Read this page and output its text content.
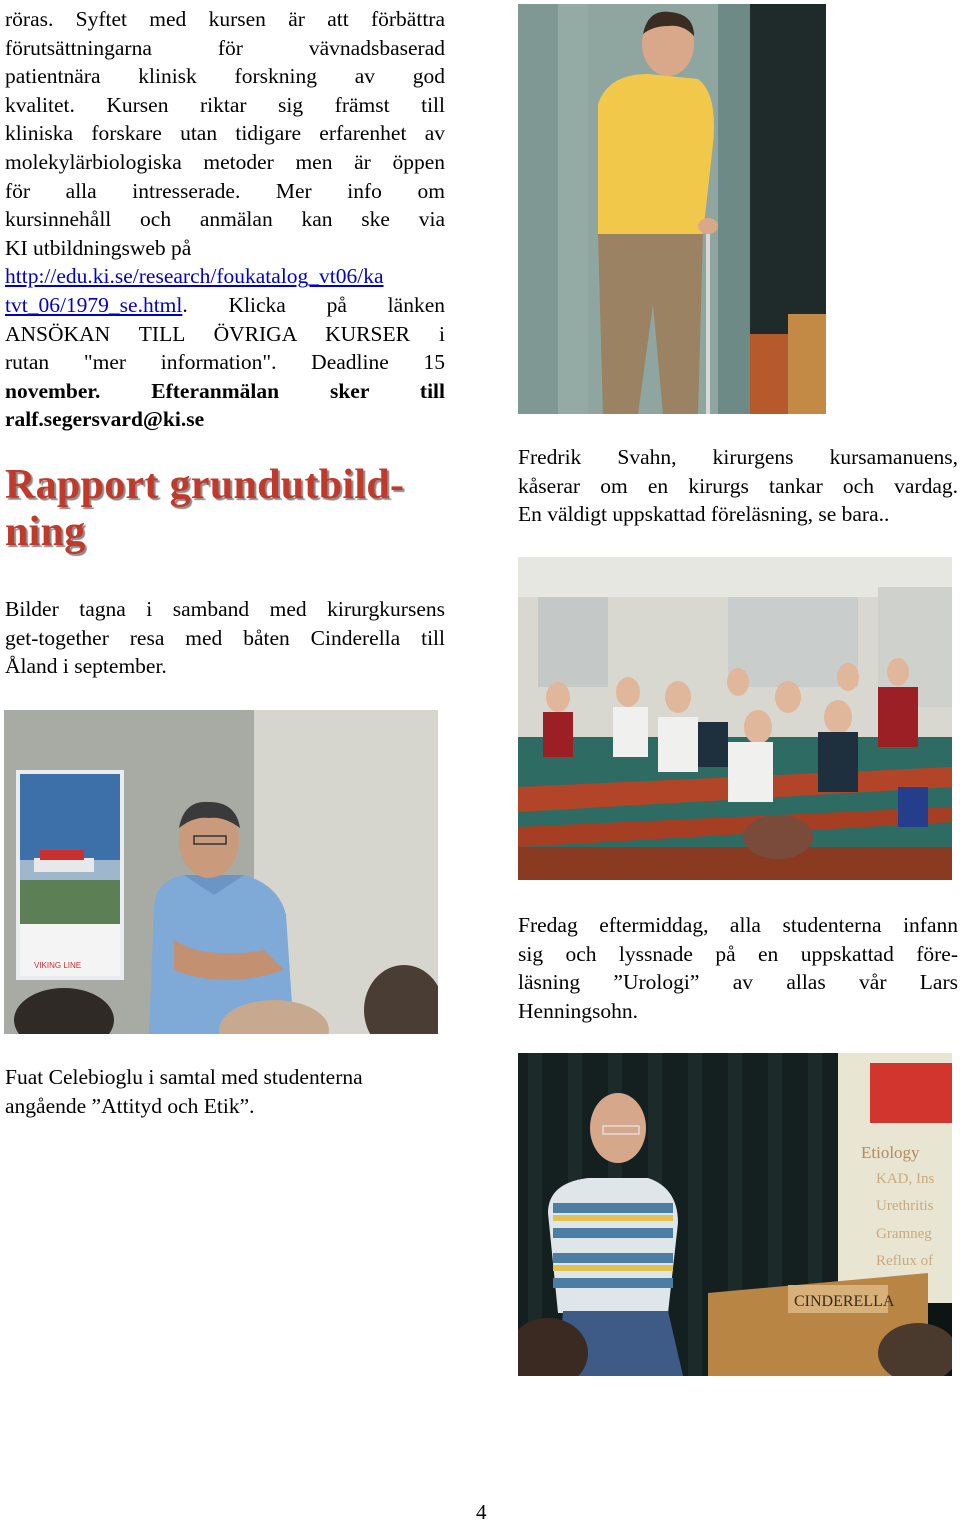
röras. Syftet med kursen är att förbättra
förutsättningarna för vävnadsbaserad
patientnära klinisk forskning av god
kvalitet. Kursen riktar sig främst till
kliniska forskare utan tidigare erfarenhet av
molekylärbiologiska metoder men är öppen
för alla intresserade. Mer info om
kursinnehåll och anmälan kan ske via
KI utbildningsweb på
http://edu.ki.se/research/foukatalog_vt06/ka
tvt_06/1979_se.html. Klicka på länken
ANSÖKAN TILL ÖVRIGA KURSER i
rutan "mer information". Deadline 15
november. Efteranmälan sker till
ralf.segersvard@ki.se
Rapport grundutbild-
ning
Bilder tagna i samband med kirurgkursens
get-together resa med båten Cinderella till
Åland i september.
VIKING LINE
Fuat Celebioglu i samtal med studenterna
angående ”Attityd och Etik”.
Fredrik Svahn, kirurgens kursamanuens,
kåserar om en kirurgs tankar och vardag.
En väldigt uppskattad föreläsning, se bara..
Fredag eftermiddag, alla studenterna infann
sig och lyssnade på en uppskattad före-
läsning ”Urologi” av allas vår Lars
Henningsohn.
Etiology
KAD, Ins
Urethritis
Gramneg
Reflux of
CINDERELLA
4
